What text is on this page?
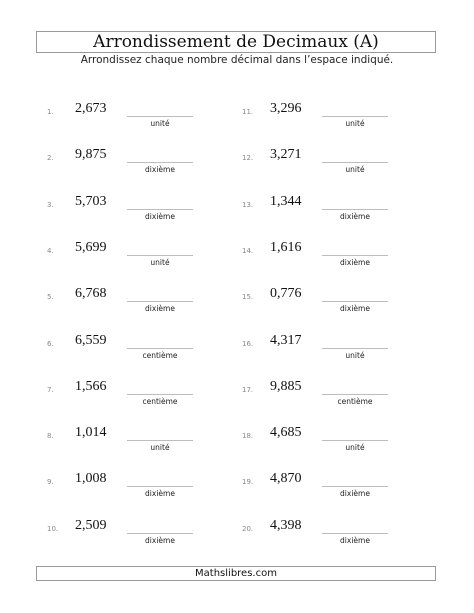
Arrondissement de Decimaux (A)
Arrondissez chaque nombre décimal dans l’espace indiqué.
1. 2,673
unité
2. 9,875
dixième
3. 5,703
dixième
4. 5,699
unité
5. 6,768
dixième
6. 6,559
centième
7. 1,566
centième
8. 1,014
unité
9. 1,008
dixième
10. 2,509
dixième
11. 3,296
unité
12. 3,271
unité
13. 1,344
dixième
14. 1,616
dixième
15. 0,776
dixième
16. 4,317
unité
17. 9,885
centième
18. 4,685
unité
19. 4,870
dixième
20. 4,398
dixième
Mathslibres.com
